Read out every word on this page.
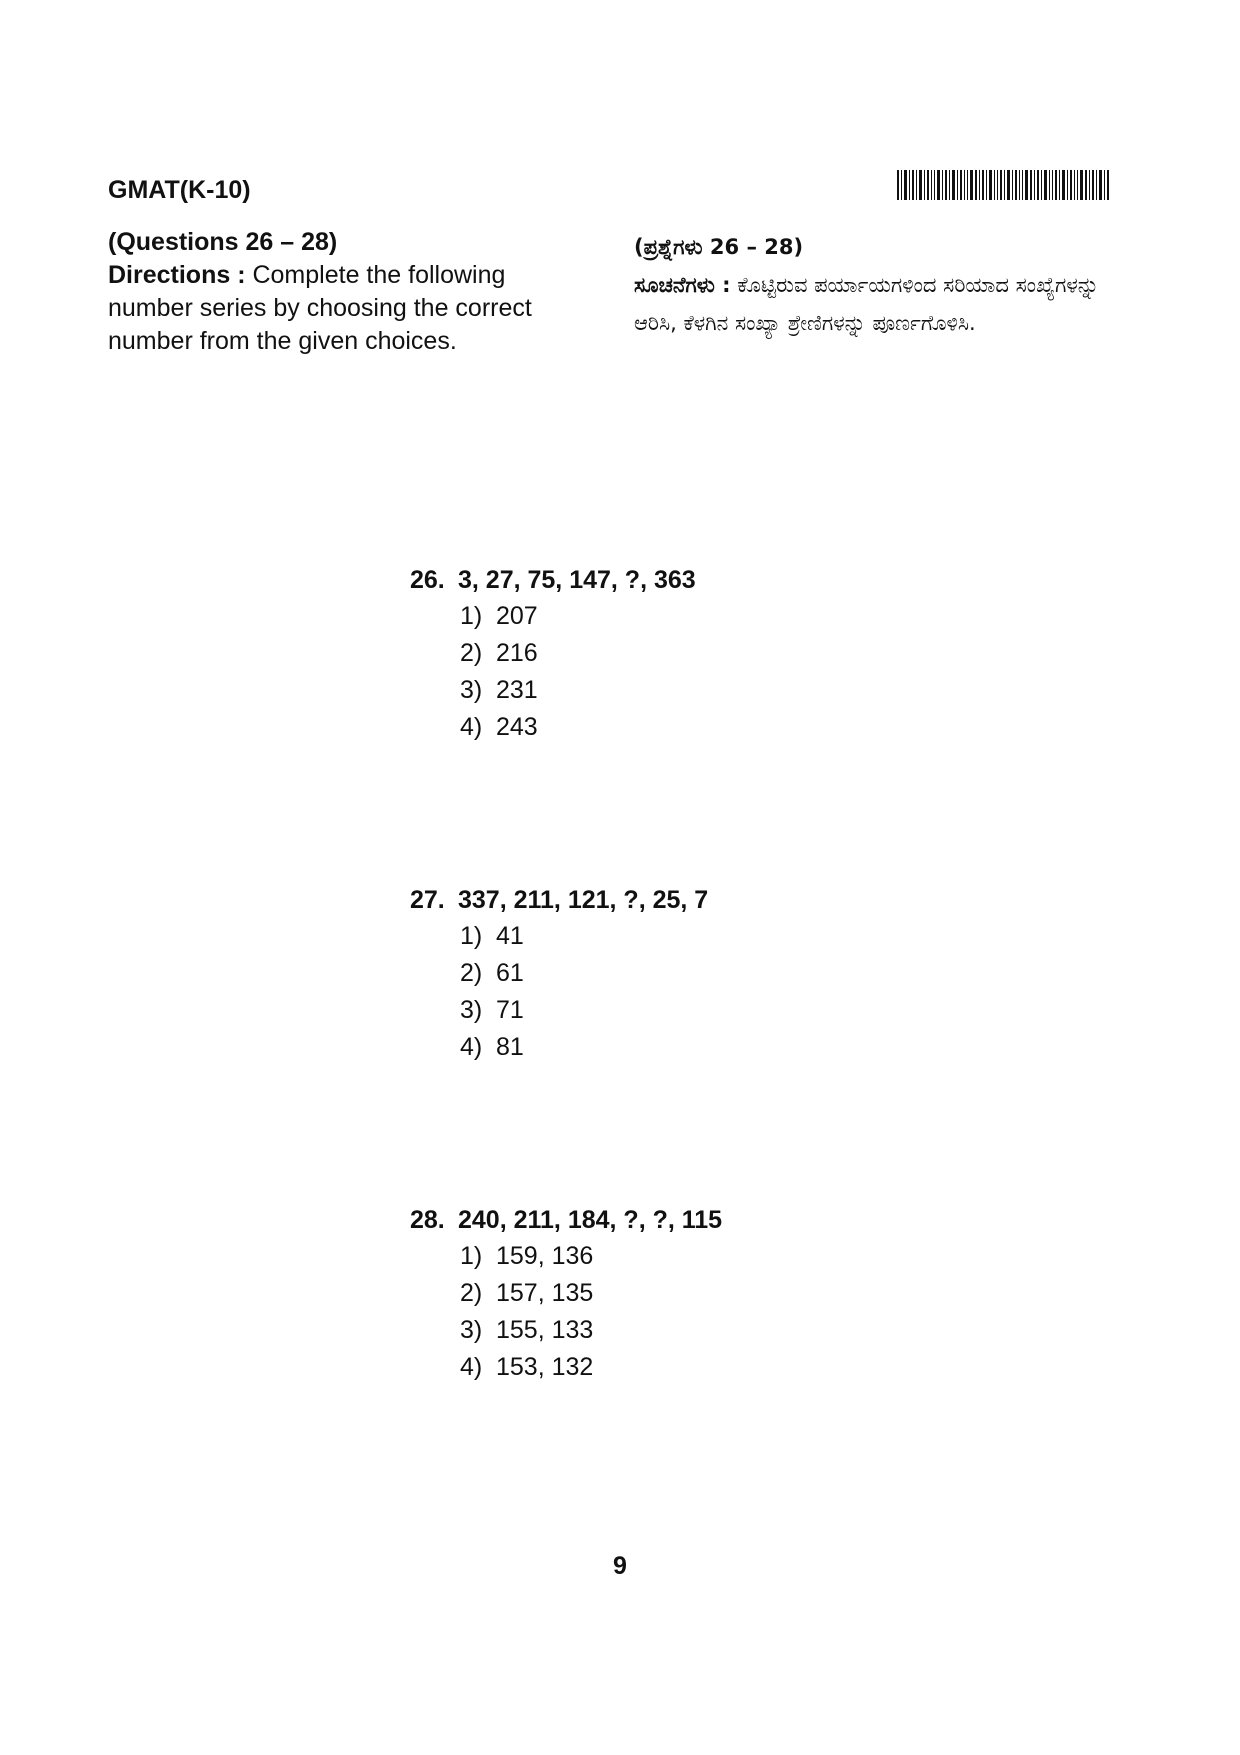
GMAT(K-10)
(Questions 26 – 28)
Directions : Complete the following number series by choosing the correct number from the given choices.
(ಪ್ರಶ್ನೆಗಳು 26 – 28)
ಸೂಚನೆಗಳು : ಕೊಟ್ಟಿರುವ ಪರ್ಯಾಯಗಳಿಂದ ಸರಿಯಾದ ಸಂಖ್ಯೆಗಳನ್ನು ಆರಿಸಿ, ಕೆಳಗಿನ ಸಂಖ್ಯಾ ಶ್ರೇಣಿಗಳನ್ನು ಪೂರ್ಣಗೊಳಿಸಿ.
26. 3, 27, 75, 147, ?, 363
1) 207
2) 216
3) 231
4) 243
27. 337, 211, 121, ?, 25, 7
1) 41
2) 61
3) 71
4) 81
28. 240, 211, 184, ?, ?, 115
1) 159, 136
2) 157, 135
3) 155, 133
4) 153, 132
9
